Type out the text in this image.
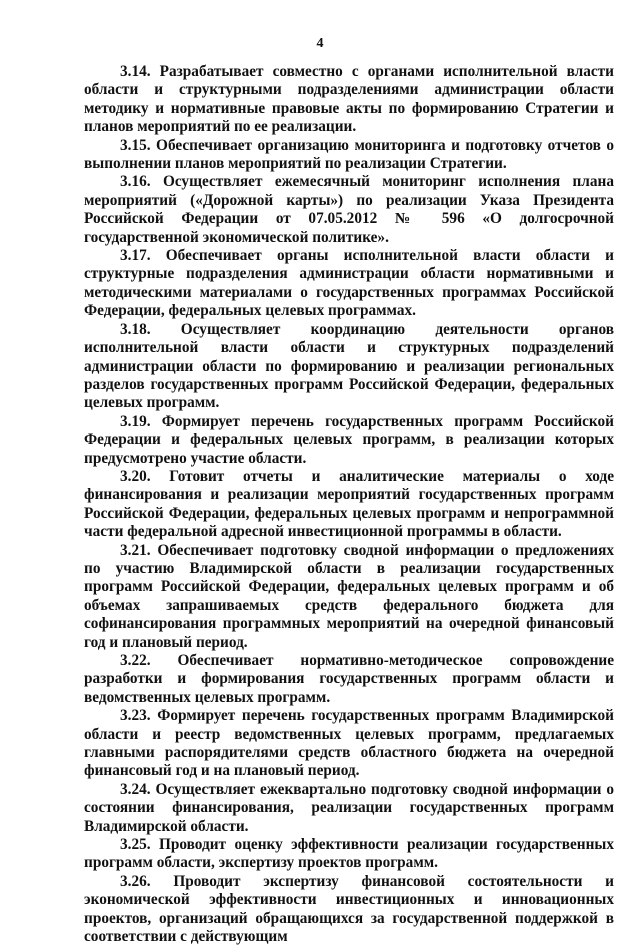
4

3.14. Разрабатывает совместно с органами исполнительной власти области и структурными подразделениями администрации области методику и нормативные правовые акты по формированию Стратегии и планов мероприятий по ее реализации.

3.15. Обеспечивает организацию мониторинга и подготовку отчетов о выполнении планов мероприятий по реализации Стратегии.

3.16. Осуществляет ежемесячный мониторинг исполнения плана мероприятий («Дорожной карты») по реализации Указа Президента Российской Федерации от 07.05.2012 № 596 «О долгосрочной государственной экономической политике».

3.17. Обеспечивает органы исполнительной власти области и структурные подразделения администрации области нормативными и методическими материалами о государственных программах Российской Федерации, федеральных целевых программах.

3.18. Осуществляет координацию деятельности органов исполнительной власти области и структурных подразделений администрации области по формированию и реализации региональных разделов государственных программ Российской Федерации, федеральных целевых программ.

3.19. Формирует перечень государственных программ Российской Федерации и федеральных целевых программ, в реализации которых предусмотрено участие области.

3.20. Готовит отчеты и аналитические материалы о ходе финансирования и реализации мероприятий государственных программ Российской Федерации, федеральных целевых программ и непрограммной части федеральной адресной инвестиционной программы в области.

3.21. Обеспечивает подготовку сводной информации о предложениях по участию Владимирской области в реализации государственных программ Российской Федерации, федеральных целевых программ и об объемах запрашиваемых средств федерального бюджета для софинансирования программных мероприятий на очередной финансовый год и плановый период.

3.22. Обеспечивает нормативно-методическое сопровождение разработки и формирования государственных программ области и ведомственных целевых программ.

3.23. Формирует перечень государственных программ Владимирской области и реестр ведомственных целевых программ, предлагаемых главными распорядителями средств областного бюджета на очередной финансовый год и на плановый период.

3.24. Осуществляет ежеквартально подготовку сводной информации о состоянии финансирования, реализации государственных программ Владимирской области.

3.25. Проводит оценку эффективности реализации государственных программ области, экспертизу проектов программ.

3.26. Проводит экспертизу финансовой состоятельности и экономической эффективности инвестиционных и инновационных проектов, организаций обращающихся за государственной поддержкой в соответствии с действующим
